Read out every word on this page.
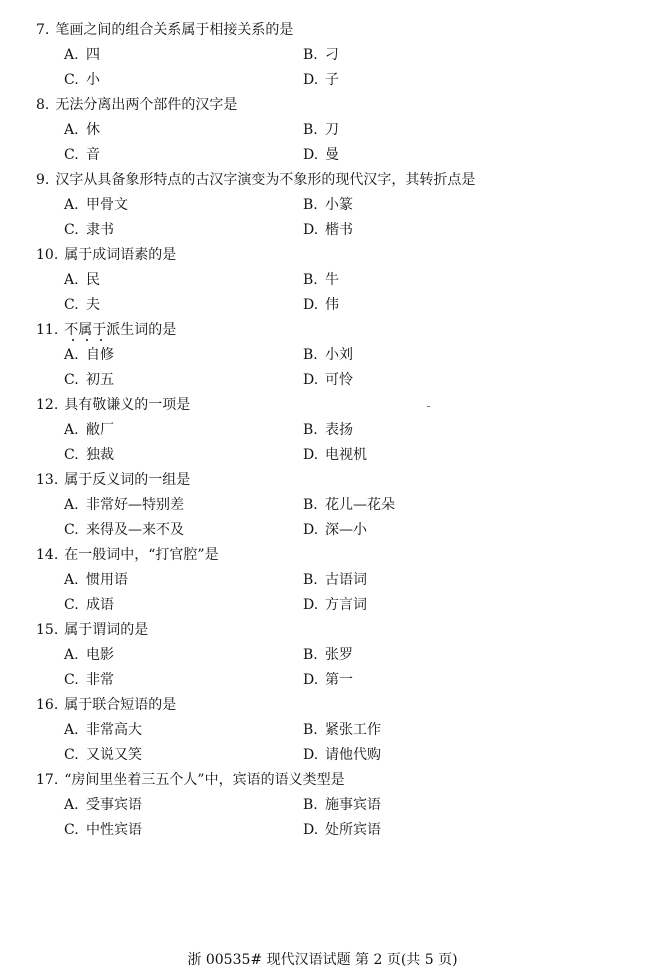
7. 笔画之间的组合关系属于相接关系的是
A. 四	B. 刁
C. 小	D. 子
8. 无法分离出两个部件的汉字是
A. 休	B. 刀
C. 音	D. 曼
9. 汉字从具备象形特点的古汉字演变为不象形的现代汉字，其转折点是
A. 甲骨文	B. 小篆
C. 隶书	D. 楷书
10. 属于成词语素的是
A. 民	B. 牛
C. 夫	D. 伟
11. 不属于派生词的是
A. 自修	B. 小刘
C. 初五	D. 可怜
12. 具有敬谦义的一项是
A. 敝厂	B. 表扬
C. 独裁	D. 电视机
13. 属于反义词的一组是
A. 非常好—特别差	B. 花儿—花朵
C. 来得及—来不及	D. 深—小
14. 在一般词中，“打官腔”是
A. 惯用语	B. 古语词
C. 成语	D. 方言词
15. 属于谓词的是
A. 电影	B. 张罗
C. 非常	D. 第一
16. 属于联合短语的是
A. 非常高大	B. 紧张工作
C. 又说又笑	D. 请他代购
17. “房间里坐着三五个人”中，宾语的语义类型是
A. 受事宾语	B. 施事宾语
C. 中性宾语	D. 处所宾语
浙 00535# 现代汉语试题 第 2 页(共 5 页)
